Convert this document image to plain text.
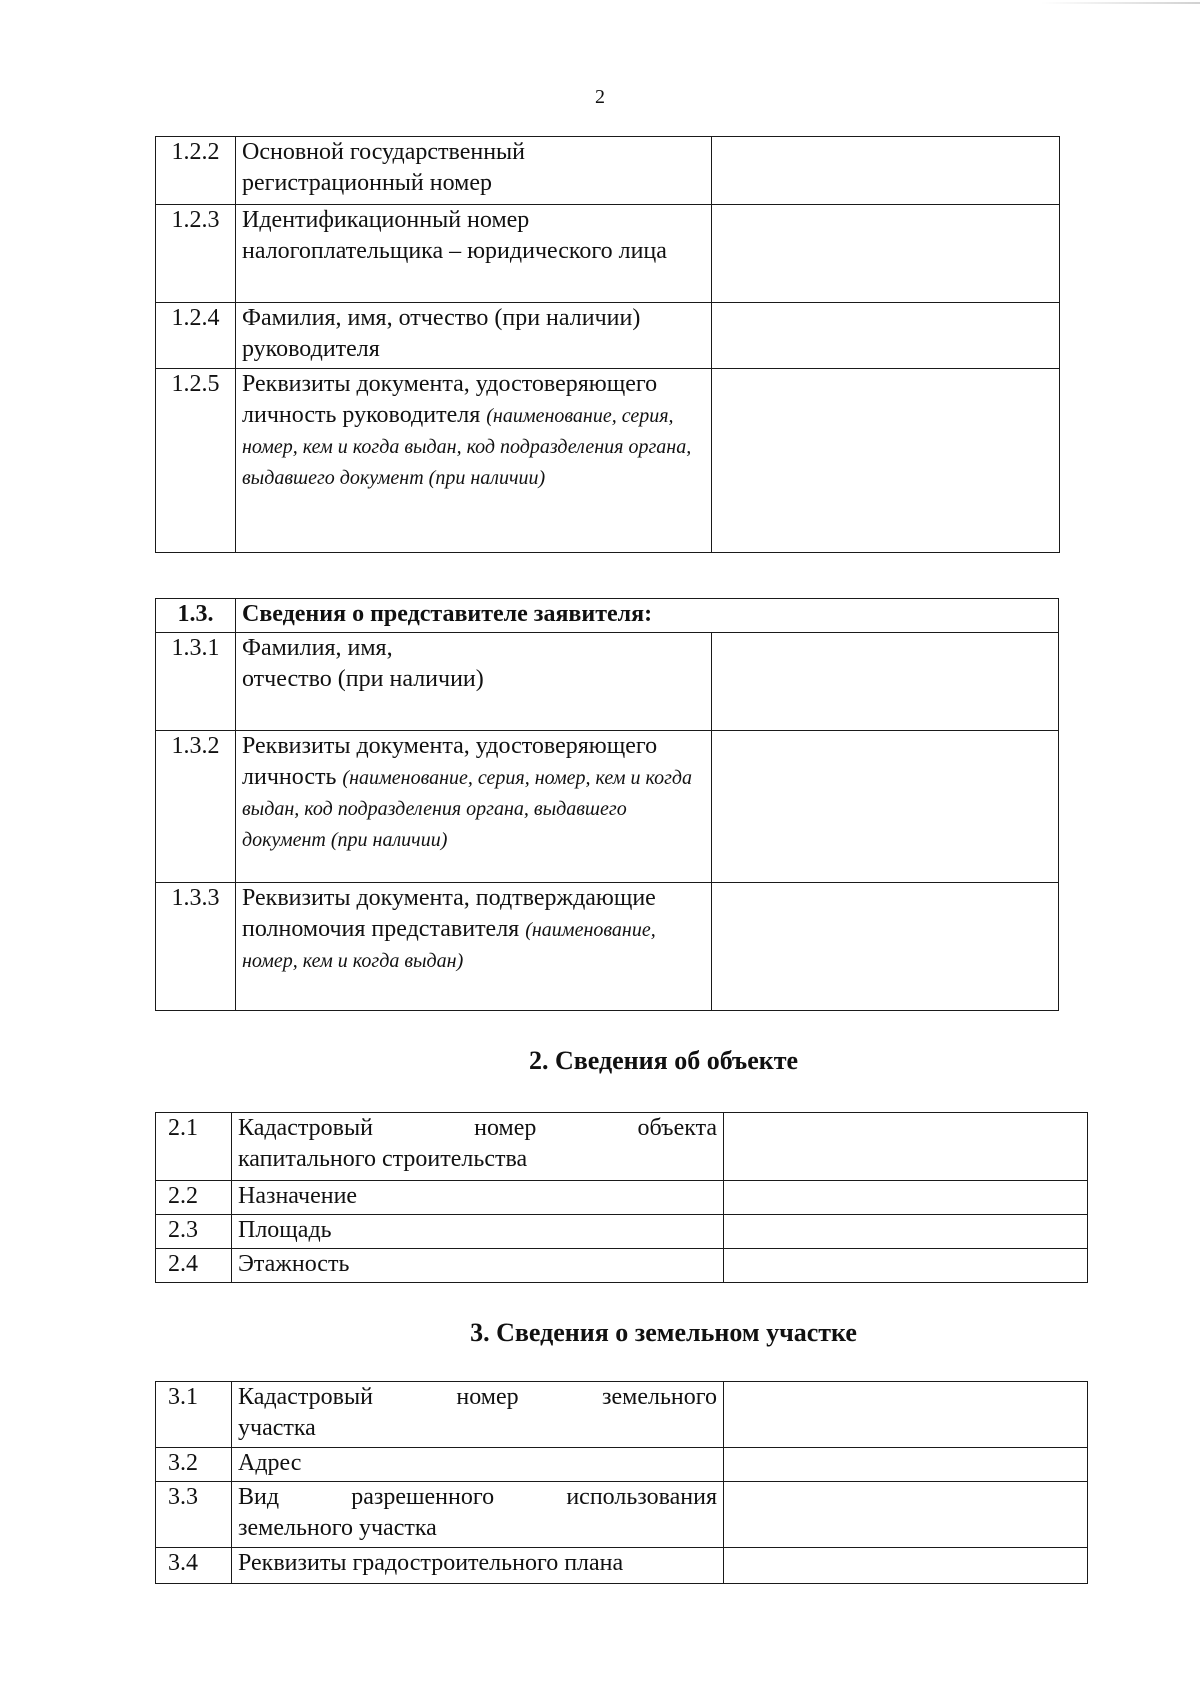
2
1.2.2	Основной государственный регистрационный номер	
1.2.3	Идентификационный номер налогоплательщика – юридического лица	
1.2.4	Фамилия, имя, отчество (при наличии) руководителя	
1.2.5	Реквизиты документа, удостоверяющего личность руководителя (наименование, серия, номер, кем и когда выдан, код подразделения органа, выдавшего документ (при наличии)	
1.3.	Сведения о представителе заявителя:	
1.3.1	Фамилия, имя,
отчество (при наличии)	
1.3.2	Реквизиты документа, удостоверяющего личность (наименование, серия, номер, кем и когда выдан, код подразделения органа, выдавшего документ (при наличии)	
1.3.3	Реквизиты документа, подтверждающие полномочия представителя (наименование, номер, кем и когда выдан)	
2. Сведения об объекте
2.1	Кадастровый номер объекта
капитального строительства	
2.2	Назначение	
2.3	Площадь	
2.4	Этажность	
3. Сведения о земельном участке
3.1	Кадастровый номер земельного
участка	
3.2	Адрес	
3.3	Вид разрешенного использования
земельного участка	
3.4	Реквизиты градостроительного плана	
